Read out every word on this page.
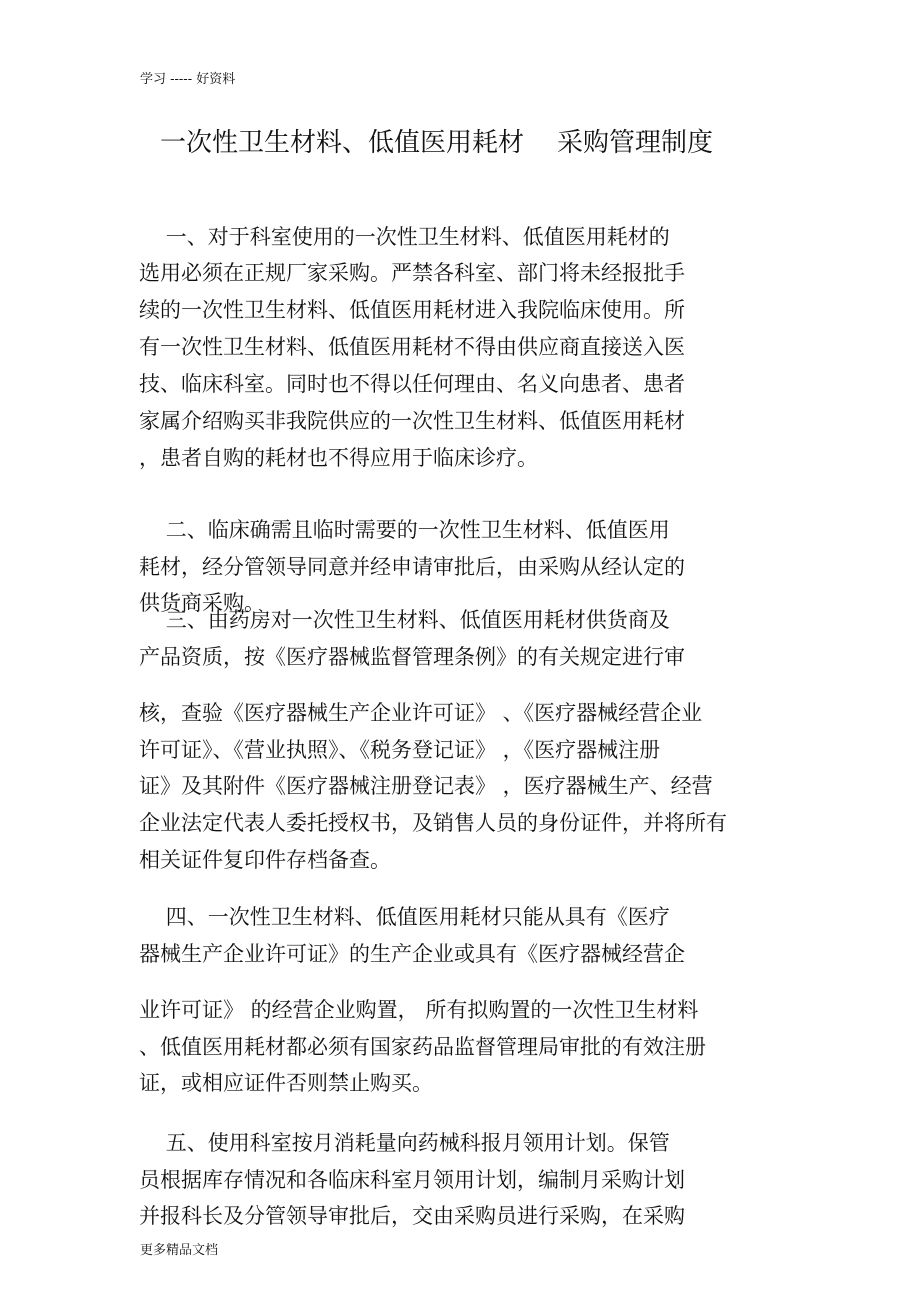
学习 ----- 好资料
一次性卫生材料、低值医用耗材    采购管理制度
一、对于科室使用的一次性卫生材料、低值医用耗材的
选用必须在正规厂家采购。严禁各科室、部门将未经报批手
续的一次性卫生材料、低值医用耗材进入我院临床使用。所
有一次性卫生材料、低值医用耗材不得由供应商直接送入医
技、临床科室。同时也不得以任何理由、名义向患者、患者
家属介绍购买非我院供应的一次性卫生材料、低值医用耗材
，患者自购的耗材也不得应用于临床诊疗。
二、临床确需且临时需要的一次性卫生材料、低值医用
耗材，经分管领导同意并经申请审批后，由采购从经认定的
供货商采购。
三、由药房对一次性卫生材料、低值医用耗材供货商及
产品资质，按《医疗器械监督管理条例》的有关规定进行审
核，查验《医疗器械生产企业许可证》 、《医疗器械经营企业
许可证》、《营业执照》、《税务登记证》 ，《医疗器械注册
证》及其附件《医疗器械注册登记表》 ，医疗器械生产、经营
企业法定代表人委托授权书，及销售人员的身份证件，并将所有
相关证件复印件存档备查。
四、一次性卫生材料、低值医用耗材只能从具有《医疗
器械生产企业许可证》的生产企业或具有《医疗器械经营企
业许可证》 的经营企业购置， 所有拟购置的一次性卫生材料
、低值医用耗材都必须有国家药品监督管理局审批的有效注册
证，或相应证件否则禁止购买。
五、使用科室按月消耗量向药械科报月领用计划。保管
员根据库存情况和各临床科室月领用计划，编制月采购计划
并报科长及分管领导审批后，交由采购员进行采购，在采购
更多精品文档
